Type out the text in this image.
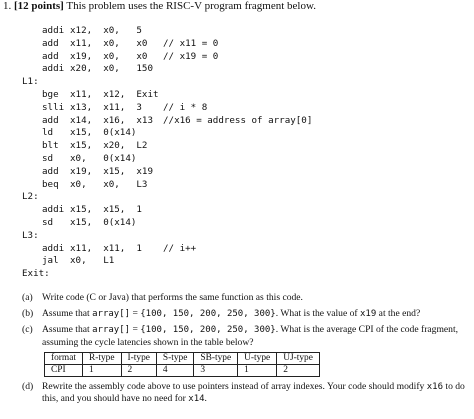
1. [12 points] This problem uses the RISC-V program fragment below.
addi x12,  x0,   5
add x11,  x0,   x0 // x11 = 0
add x19,  x0,   x0 // x19 = 0
addi x20,  x0,   150
L1:
bge x11,  x12,  Exit
slli x13,  x11,  3 // i * 8
add x14,  x16,  x13 //x16 = address of array[0]
ld x15,  0(x14)
blt x15,  x20,  L2
sd x0,   0(x14)
add x19,  x15,  x19
beq x0,   x0,   L3
L2:
addi x15,  x15,  1
sd x15,  0(x14)
L3:
addi x11,  x11,  1 // i++
jal x0,   L1
Exit:
(a) Write code (C or Java) that performs the same function as this code.
(b) Assume that array[] = {100, 150, 200, 250, 300}. What is the value of x19 at the end?
(c) Assume that array[] = {100, 150, 200, 250, 300}. What is the average CPI of the code fragment, assuming the cycle latencies shown in the table below?
format	R-type	I-type	S-type	SB-type	U-type	UJ-type
CPI	1	2	4	3	1	2
(d) Rewrite the assembly code above to use pointers instead of array indexes. Your code should modify x16 to do this, and you should have no need for x14.
